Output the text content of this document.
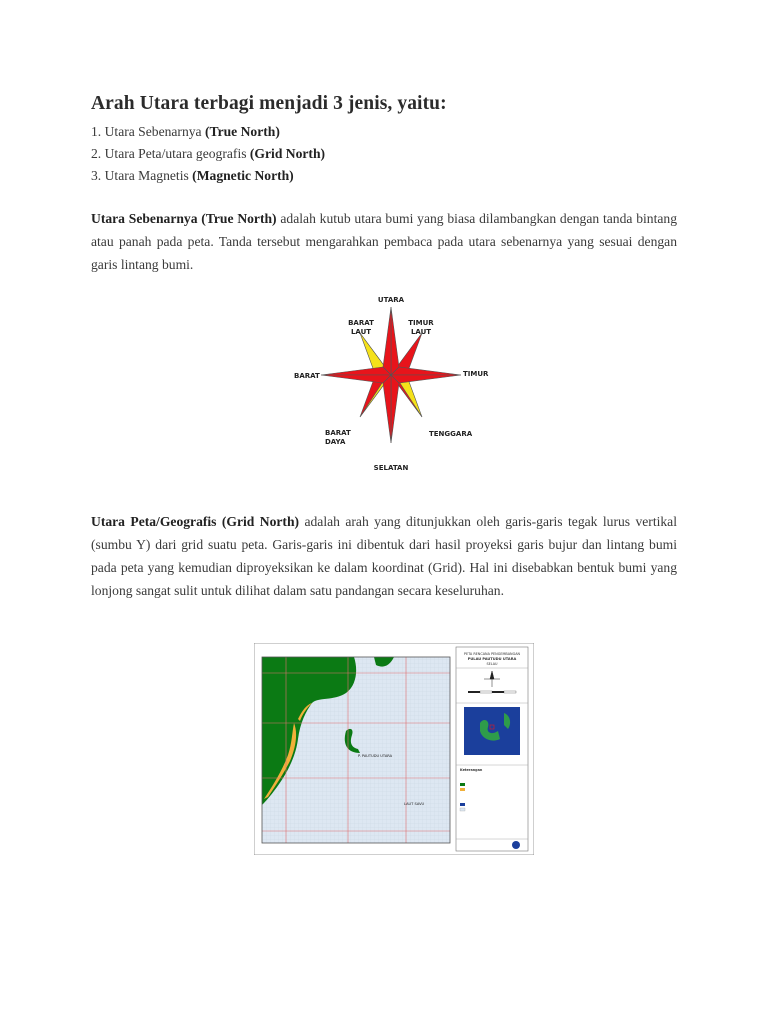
Arah Utara terbagi menjadi 3 jenis, yaitu:
1. Utara Sebenarnya (True North)
2. Utara Peta/utara geografis (Grid North)
3. Utara Magnetis (Magnetic North)

Utara Sebenarnya (True North) adalah kutub utara bumi yang biasa dilambangkan dengan tanda bintang atau panah pada peta. Tanda tersebut mengarahkan pembaca pada utara sebenarnya yang sesuai dengan garis lintang bumi.

UTARA
TIMUR
LAUT
BARAT
LAUT
BARAT	TIMUR
BARAT
DAYA
TENGGARA
SELATAN

Utara Peta/Geografis (Grid North) adalah arah yang ditunjukkan oleh garis-garis tegak lurus vertikal (sumbu Y) dari grid suatu peta. Garis-garis ini dibentuk dari hasil proyeksi garis bujur dan lintang bumi pada peta yang kemudian diproyeksikan ke dalam koordinat (Grid). Hal ini disebabkan bentuk bumi yang lonjong sangat sulit untuk dilihat dalam satu pandangan secara keseluruhan.

P. PAUTUDU UTARA
LAUT SAVU
PETA RENCANA PENGEMBANGAN
PULAU PAUTUDU UTARA
SELAU
Keterangan
